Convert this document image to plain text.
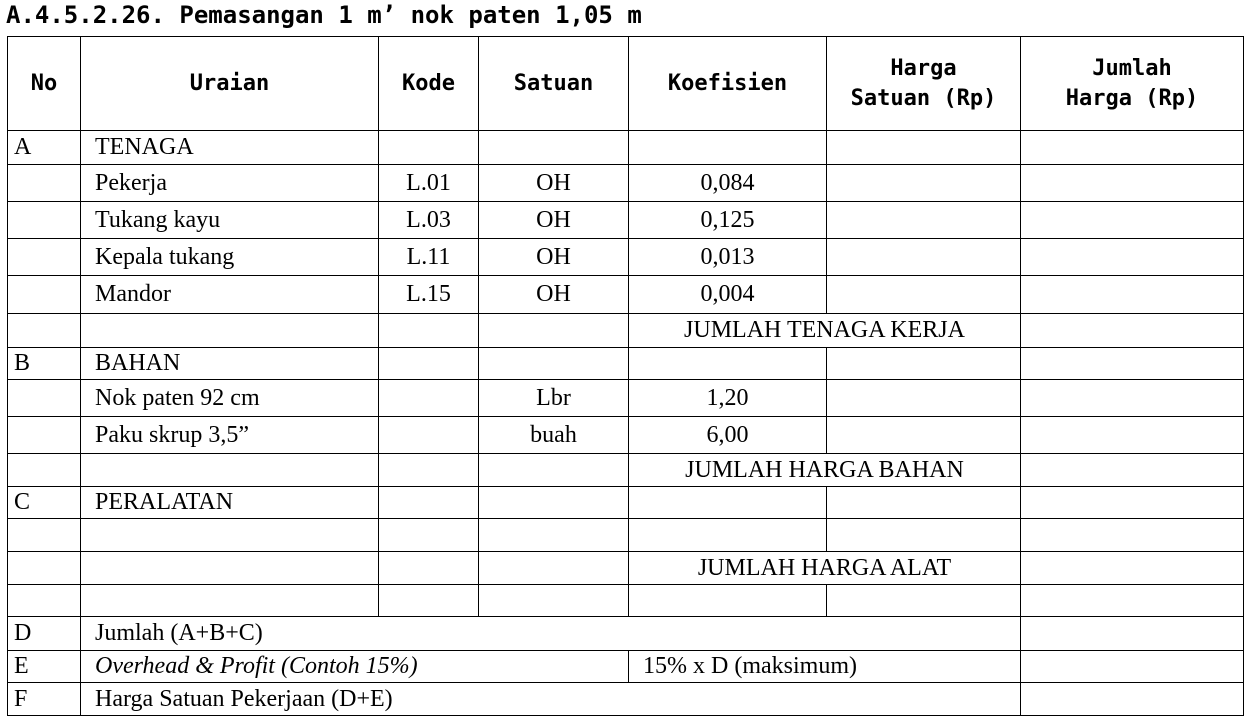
A.4.5.2.26. Pemasangan 1 m’ nok paten 1,05 m
No	Uraian	Kode	Satuan	Koefisien	Harga Satuan (Rp)	Jumlah Harga (Rp)
A	TENAGA					
	Pekerja	L.01	OH	0,084		
	Tukang kayu	L.03	OH	0,125		
	Kepala tukang	L.11	OH	0,013		
	Mandor	L.15	OH	0,004		
				JUMLAH TENAGA KERJA		
B	BAHAN					
	Nok paten 92 cm		Lbr	1,20		
	Paku skrup 3,5”		buah	6,00		
				JUMLAH HARGA BAHAN		
C	PERALATAN					

				JUMLAH HARGA ALAT		

D	Jumlah (A+B+C)					
E	Overhead & Profit (Contoh 15%)			15% x D (maksimum)		
F	Harga Satuan Pekerjaan (D+E)					
